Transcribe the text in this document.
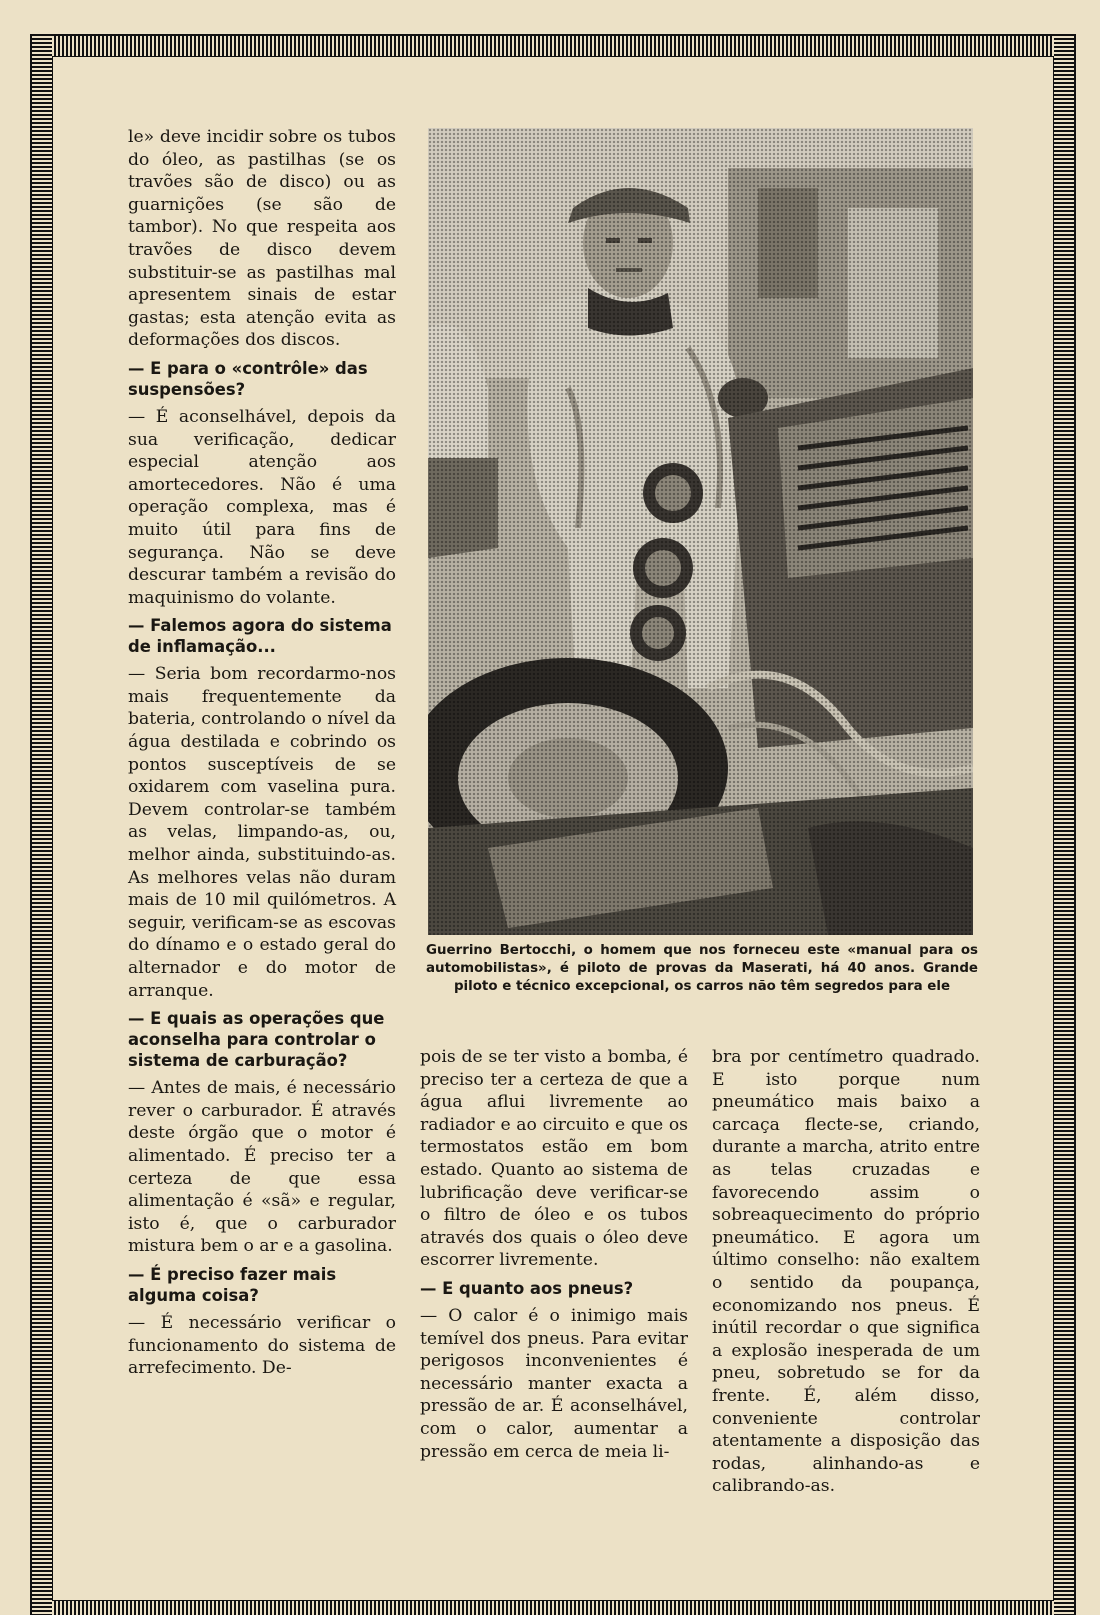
le» deve incidir sobre os tubos do óleo, as pastilhas (se os travões são de disco) ou as guarnições (se são de tambor). No que respeita aos travões de disco devem substituir-se as pastilhas mal apresentem sinais de estar gastas; esta atenção evita as deformações dos discos.

— E para o «contrôle» das suspensões?

— É aconselhável, depois da sua verificação, dedicar especial atenção aos amortecedores. Não é uma operação complexa, mas é muito útil para fins de segurança. Não se deve descurar também a revisão do maquinismo do volante.

— Falemos agora do sistema de inflamação...

— Seria bom recordarmo-nos mais frequentemente da bateria, controlando o nível da água destilada e cobrindo os pontos susceptíveis de se oxidarem com vaselina pura. Devem controlar-se também as velas, limpando-as, ou, melhor ainda, substituindo-as. As melhores velas não duram mais de 10 mil quilómetros. A seguir, verificam-se as escovas do dínamo e o estado geral do alternador e do motor de arranque.

— E quais as operações que aconselha para controlar o sistema de carburação?

— Antes de mais, é necessário rever o carburador. É através deste órgão que o motor é alimentado. É preciso ter a certeza de que essa alimentação é «sã» e regular, isto é, que o carburador mistura bem o ar e a gasolina.

— É preciso fazer mais alguma coisa?

— É necessário verificar o funcionamento do sistema de arrefecimento. De-

Guerrino Bertocchi, o homem que nos forneceu este «manual para os automobilistas», é piloto de provas da Maserati, há 40 anos. Grande piloto e técnico excepcional, os carros não têm segredos para ele

pois de se ter visto a bomba, é preciso ter a certeza de que a água aflui livremente ao radiador e ao circuito e que os termostatos estão em bom estado. Quanto ao sistema de lubrificação deve verificar-se o filtro de óleo e os tubos através dos quais o óleo deve escorrer livremente.

— E quanto aos pneus?

— O calor é o inimigo mais temível dos pneus. Para evitar perigosos inconvenientes é necessário manter exacta a pressão de ar. É aconselhável, com o calor, aumentar a pressão em cerca de meia li-

bra por centímetro quadrado. E isto porque num pneumático mais baixo a carcaça flecte-se, criando, durante a marcha, atrito entre as telas cruzadas e favorecendo assim o sobreaquecimento do próprio pneumático. E agora um último conselho: não exaltem o sentido da poupança, economizando nos pneus. É inútil recordar o que significa a explosão inesperada de um pneu, sobretudo se for da frente. É, além disso, conveniente controlar atentamente a disposição das rodas, alinhando-as e calibrando-as.
